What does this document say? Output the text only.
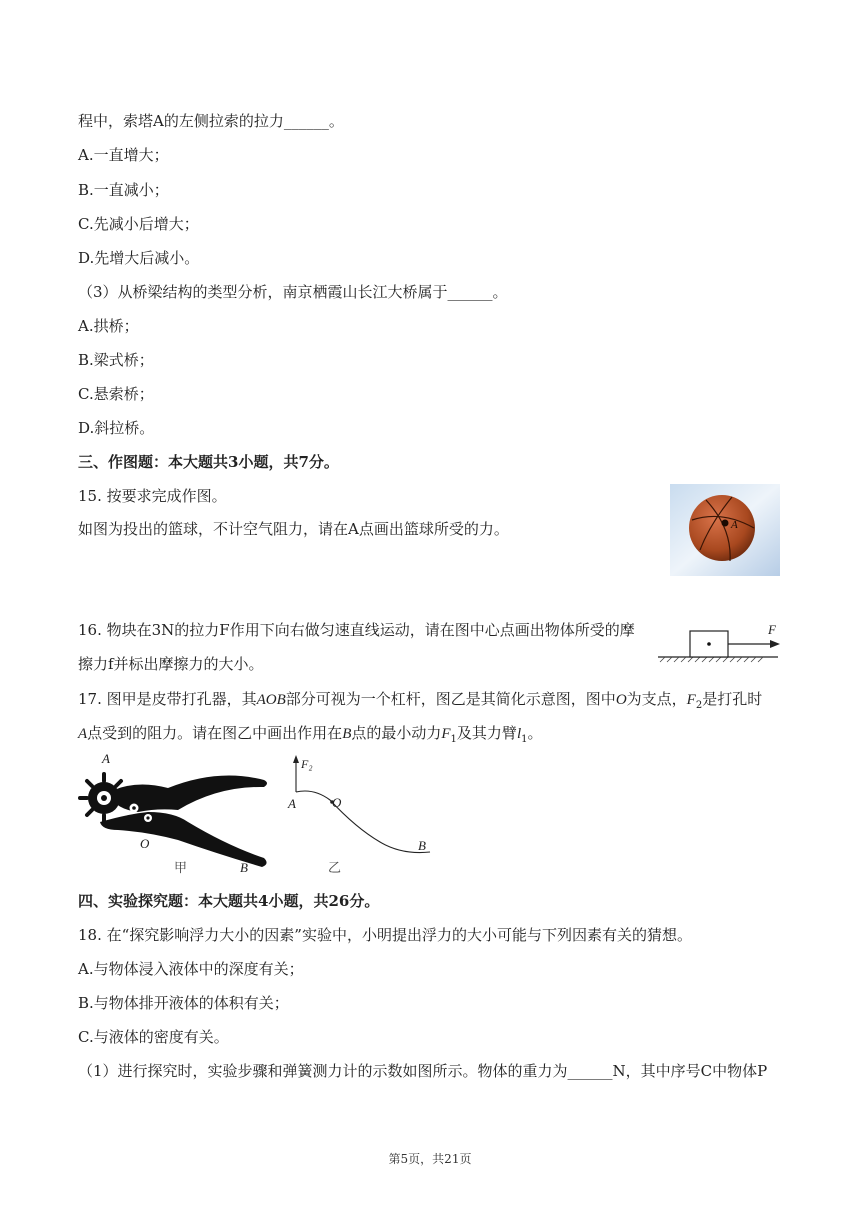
程中，索塔A的左侧拉索的拉力______。
A.一直增大；
B.一直减小；
C.先减小后增大；
D.先增大后减小。
（3）从桥梁结构的类型分析，南京栖霞山长江大桥属于______。
A.拱桥；
B.梁式桥；
C.悬索桥；
D.斜拉桥。
三、作图题：本大题共3小题，共7分。
15. 按要求完成作图。
如图为投出的篮球，不计空气阻力，请在A点画出篮球所受的力。	A
16. 物块在3N的拉力F作用下向右做匀速直线运动，请在图中心点画出物体所受的摩
擦力f并标出摩擦力的大小。
F
17. 图甲是皮带打孔器，其AOB部分可视为一个杠杆，图乙是其简化示意图，图中O为支点，$F_2$是打孔时
A点受到的阻力。请在图乙中画出作用在B点的最小动力$F_1$及其力臂$l_1$。
A
O
甲	B
F₂
A	O
B
乙
四、实验探究题：本大题共4小题，共26分。
18. 在“探究影响浮力大小的因素”实验中，小明提出浮力的大小可能与下列因素有关的猜想。
A.与物体浸入液体中的深度有关；
B.与物体排开液体的体积有关；
C.与液体的密度有关。
（1）进行探究时，实验步骤和弹簧测力计的示数如图所示。物体的重力为______N，其中序号C中物体P
第5页，共21页
